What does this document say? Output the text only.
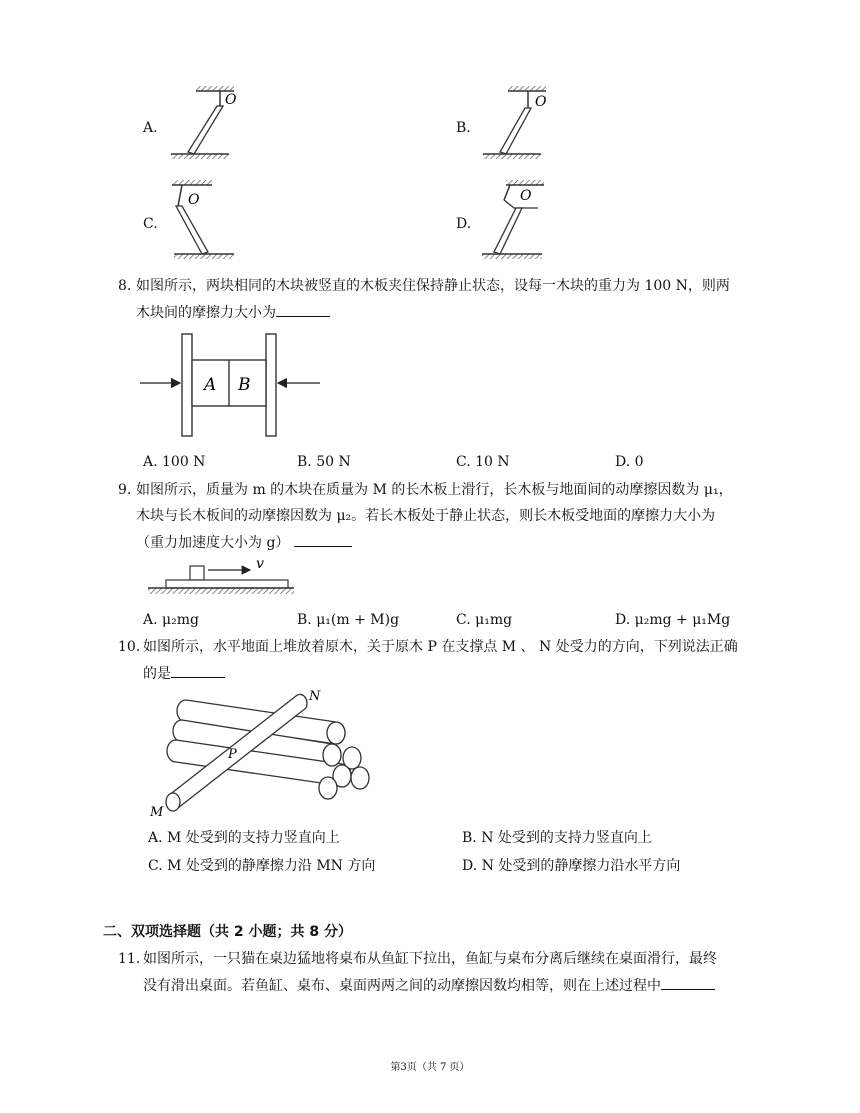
A.	B.
C.	D.
O	O
O	O
8. 如图所示，两块相同的木块被竖直的木板夹住保持静止状态，设每一木块的重力为 100 N，则两
木块间的摩擦力大小为
A B
A. 100 N	B. 50 N	C. 10 N	D. 0
9. 如图所示，质量为 m 的木块在质量为 M 的长木板上滑行，长木板与地面间的动摩擦因数为 μ₁，
木块与长木板间的动摩擦因数为 μ₂。若长木板处于静止状态，则长木板受地面的摩擦力大小为
（重力加速度大小为 g）
v
A. μ₂mg	B. μ₁(m + M)g	C. μ₁mg	D. μ₂mg + μ₁Mg
10. 如图所示，水平地面上堆放着原木，关于原木 P 在支撑点 M 、 N 处受力的方向，下列说法正确
的是
N
P
M
A. M 处受到的支持力竖直向上	B. N 处受到的支持力竖直向上
C. M 处受到的静摩擦力沿 MN 方向	D. N 处受到的静摩擦力沿水平方向
二、双项选择题（共 2 小题；共 8 分）
11. 如图所示，一只猫在桌边猛地将桌布从鱼缸下拉出，鱼缸与桌布分离后继续在桌面滑行，最终
没有滑出桌面。若鱼缸、桌布、桌面两两之间的动摩擦因数均相等，则在上述过程中
第3页（共 7 页）
